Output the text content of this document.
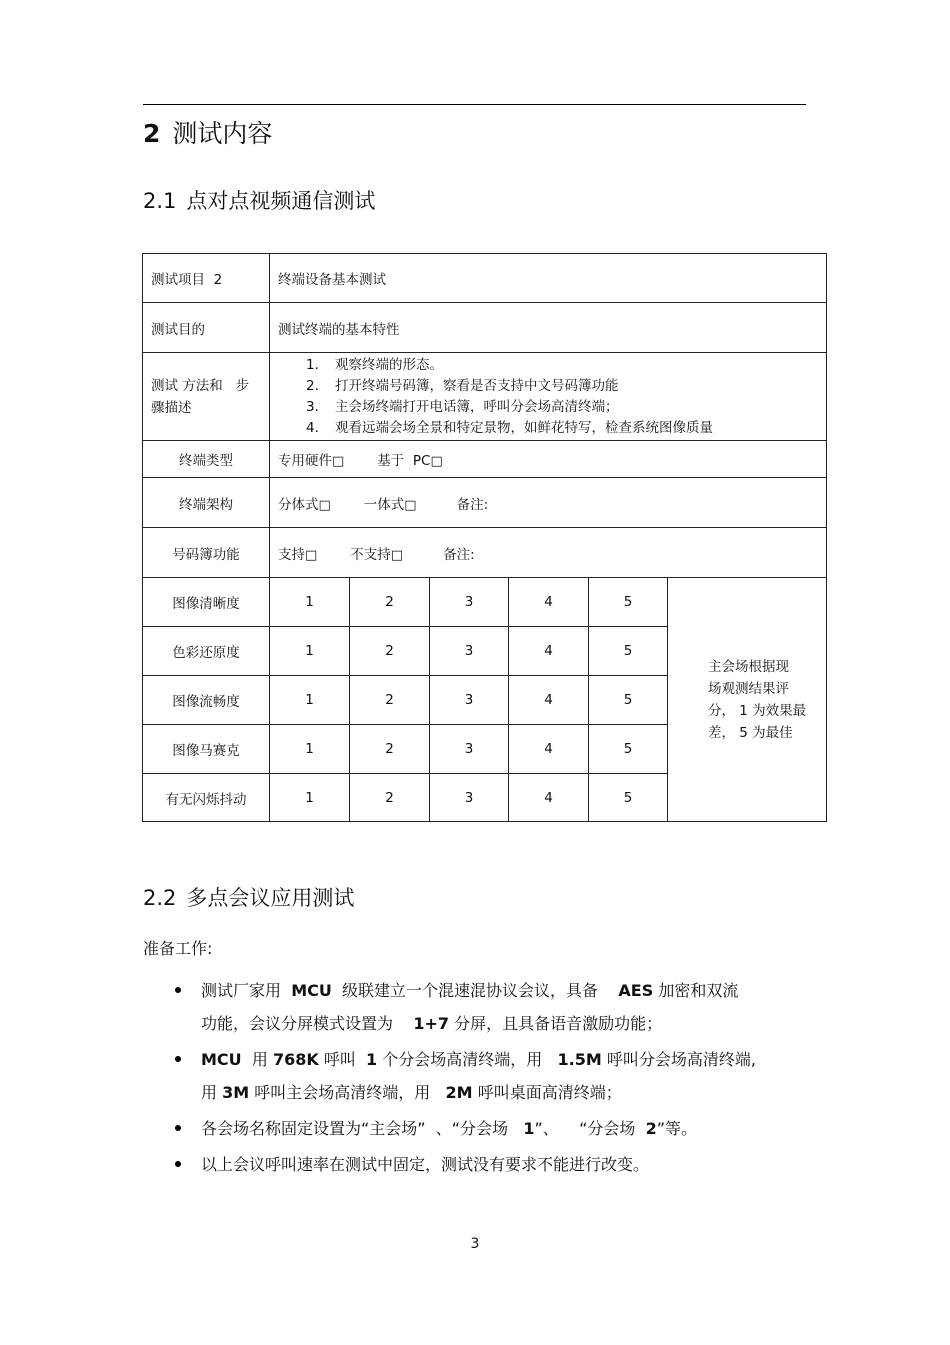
2 测试内容
2.1 点对点视频通信测试
测试项目 2	终端设备基本测试					
测试目的	测试终端的基本特性					
测试 方法和 步
骤描述	1. 观察终端的形态。
2. 打开终端号码簿，察看是否支持中文号码簿功能
3. 主会场终端打开电话簿，呼叫分会场高清终端；
4. 观看远端会场全景和特定景物，如鲜花特写，检查系统图像质量					

终端类型	专用硬件□ 基于 PC□					
终端架构	分体式□ 一体式□ 备注:					
号码簿功能	支持□ 不支持□ 备注:					
图像清晰度	1	2	3	4	5	主会场根据现
场观测结果评
分， 1 为效果最
差， 5 为最佳
色彩还原度	1	2	3	4	5	
图像流畅度	1	2	3	4	5	
图像马赛克	1	2	3	4	5	
有无闪烁抖动	1	2	3	4	5	
2.2 多点会议应用测试
准备工作:
测试厂家用 MCU 级联建立一个混速混协议会议，具备 AES 加密和双流
功能，会议分屏模式设置为 1+7 分屏，且具备语音激励功能；
MCU 用 768K 呼叫 1 个分会场高清终端，用 1.5M 呼叫分会场高清终端,
用 3M 呼叫主会场高清终端，用 2M 呼叫桌面高清终端；
各会场名称固定设置为“主会场” 、“分会场 1”、 “分会场 2”等。
以上会议呼叫速率在测试中固定，测试没有要求不能进行改变。
3
